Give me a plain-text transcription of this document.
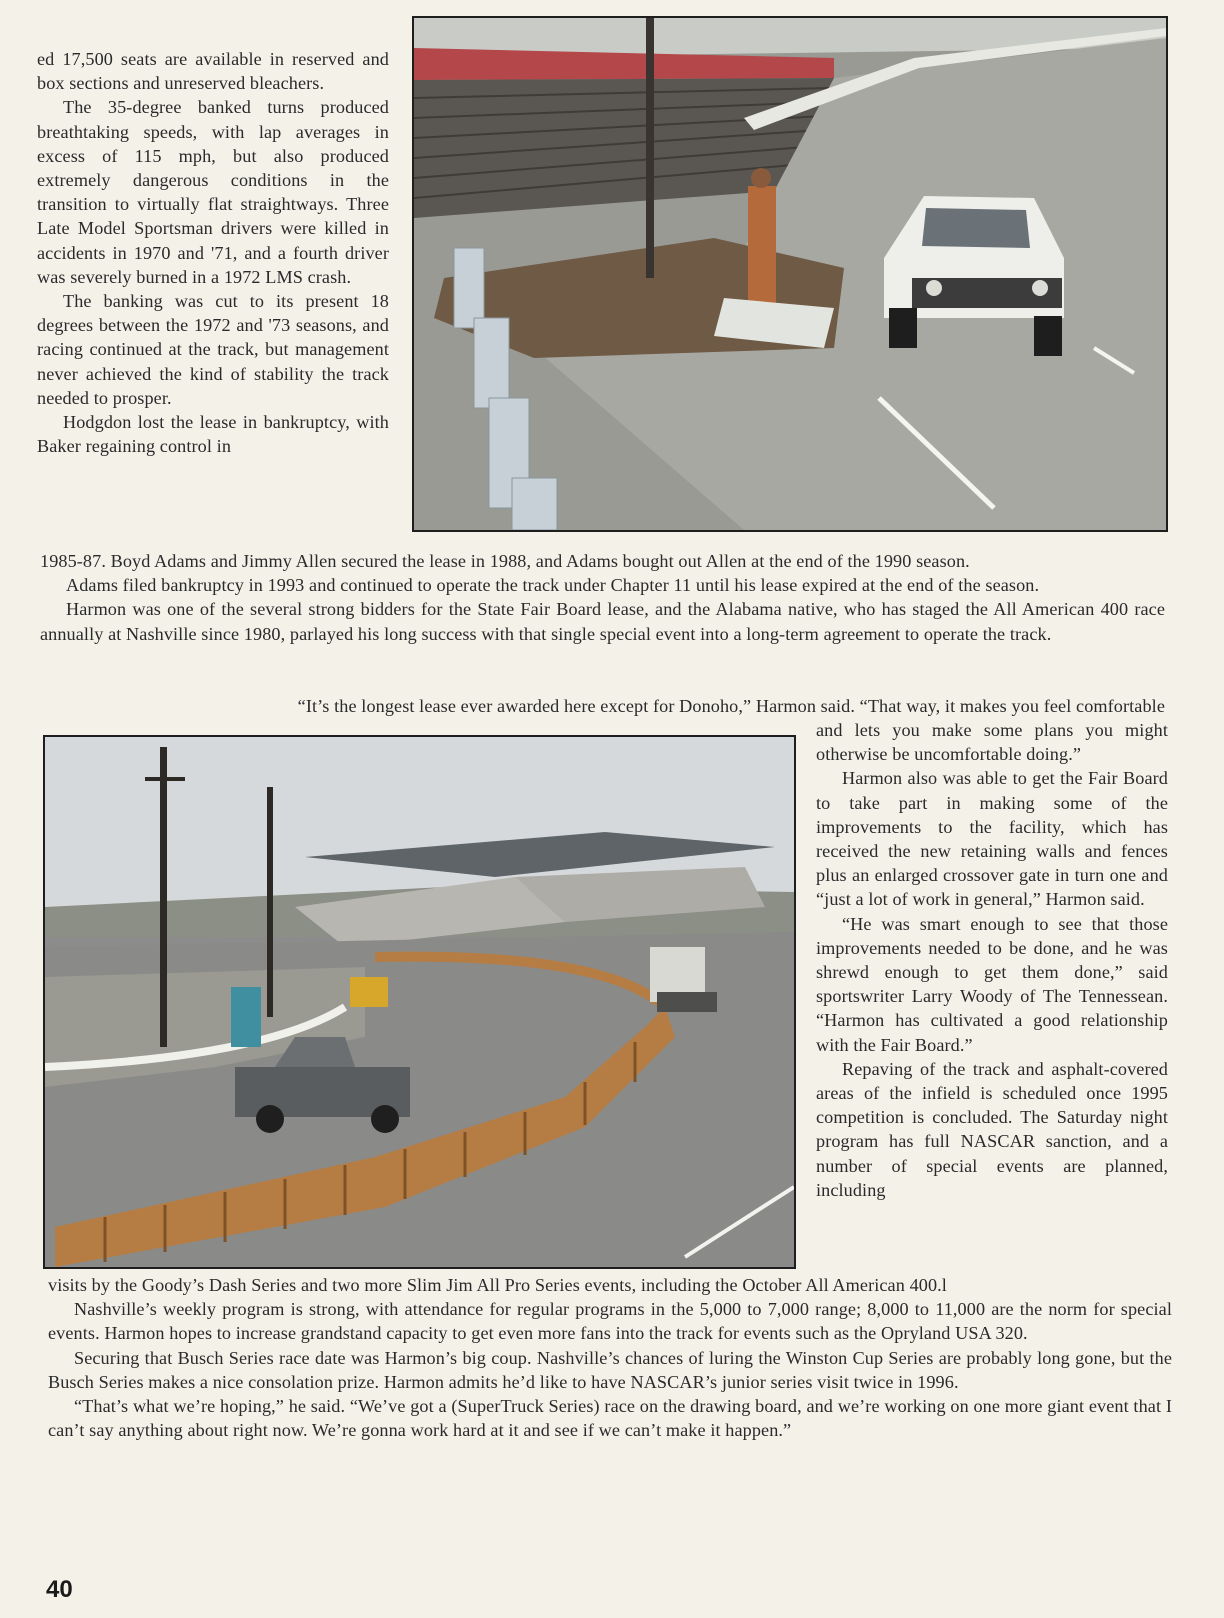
ed 17,500 seats are available in reserved and box sections and unreserved bleachers.

The 35-degree banked turns produced breathtaking speeds, with lap averages in excess of 115 mph, but also produced extremely dangerous conditions in the transition to virtually flat straightways. Three Late Model Sportsman drivers were killed in accidents in 1970 and '71, and a fourth driver was severely burned in a 1972 LMS crash.

The banking was cut to its present 18 degrees between the 1972 and '73 seasons, and racing continued at the track, but management never achieved the kind of stability the track needed to prosper.

Hodgdon lost the lease in bankruptcy, with Baker regaining control in

1985-87. Boyd Adams and Jimmy Allen secured the lease in 1988, and Adams bought out Allen at the end of the 1990 season.

Adams filed bankruptcy in 1993 and continued to operate the track under Chapter 11 until his lease expired at the end of the season.

Harmon was one of the several strong bidders for the State Fair Board lease, and the Alabama native, who has staged the All American 400 race annually at Nashville since 1980, parlayed his long success with that single special event into a long-term agreement to operate the track.

“It’s the longest lease ever awarded here except for Donoho,” Harmon said. “That way, it makes you feel comfortable

and lets you make some plans you might otherwise be uncomfortable doing.”

Harmon also was able to get the Fair Board to take part in making some of the improvements to the facility, which has received the new retaining walls and fences plus an enlarged crossover gate in turn one and “just a lot of work in general,” Harmon said.

“He was smart enough to see that those improvements needed to be done, and he was shrewd enough to get them done,” said sportswriter Larry Woody of The Tennessean. “Harmon has cultivated a good relationship with the Fair Board.”

Repaving of the track and asphalt-covered areas of the infield is scheduled once 1995 competition is concluded. The Saturday night program has full NASCAR sanction, and a number of special events are planned, including

visits by the Goody’s Dash Series and two more Slim Jim All Pro Series events, including the October All American 400.l

Nashville’s weekly program is strong, with attendance for regular programs in the 5,000 to 7,000 range; 8,000 to 11,000 are the norm for special events. Harmon hopes to increase grandstand capacity to get even more fans into the track for events such as the Opryland USA 320.

Securing that Busch Series race date was Harmon’s big coup. Nashville’s chances of luring the Winston Cup Series are probably long gone, but the Busch Series makes a nice consolation prize. Harmon admits he’d like to have NASCAR’s junior series visit twice in 1996.

“That’s what we’re hoping,” he said. “We’ve got a (SuperTruck Series) race on the drawing board, and we’re working on one more giant event that I can’t say anything about right now. We’re gonna work hard at it and see if we can’t make it happen.”

40
